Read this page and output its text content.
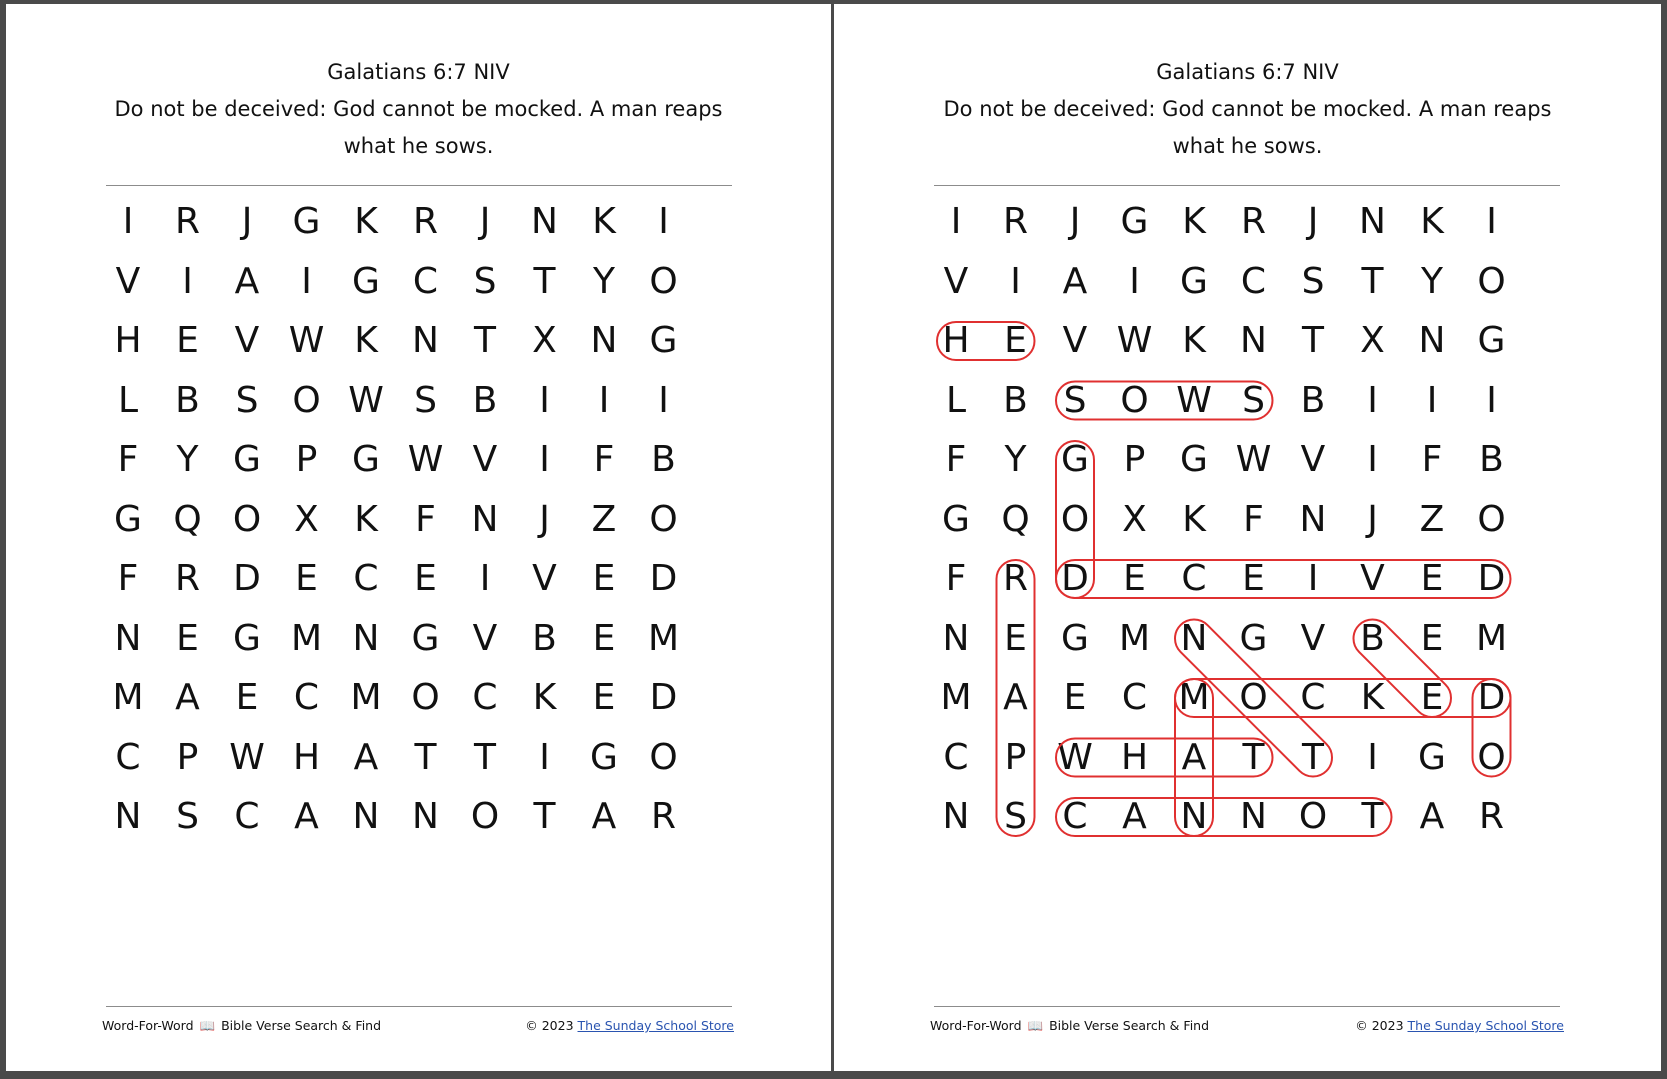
Galatians 6:7 NIV
Do not be deceived: God cannot be mocked. A man reaps what he sows.
I	R	J	G K R	J	N K	I
V	I	A	I	G C S	T	Y O
H E V W K N T	X N G
L	B S O W S B	I	I	I
F	Y G P G W V	I	F	B
G Q O X K	F N	J	Z O
F	R D E C E	I	V E D
N E G M N G V B E M
M A E C M O C K	E D
C	P W H A	T	T	I	G O
N S C A N N O T	A R
Word-For-Word 📖 Bible Verse Search & Find	© 2023 The Sunday School Store
Galatians 6:7 NIV
Do not be deceived: God cannot be mocked. A man reaps what he sows.
I	R	J	G K R	J	N K	I
V	I	A	I	G C S	T	Y O
H E V W K N T	X N G
L	B S O W S B	I	I	I
F	Y G P G W V	I	F	B
G Q O X K	F N	J	Z O
F	R D E C E	I	V E D
N E G M N G V B E M
M A E C M O C K	E D
C	P W H A	T	T	I	G O
N S C A N N O T	A R
Word-For-Word 📖 Bible Verse Search & Find	© 2023 The Sunday School Store
